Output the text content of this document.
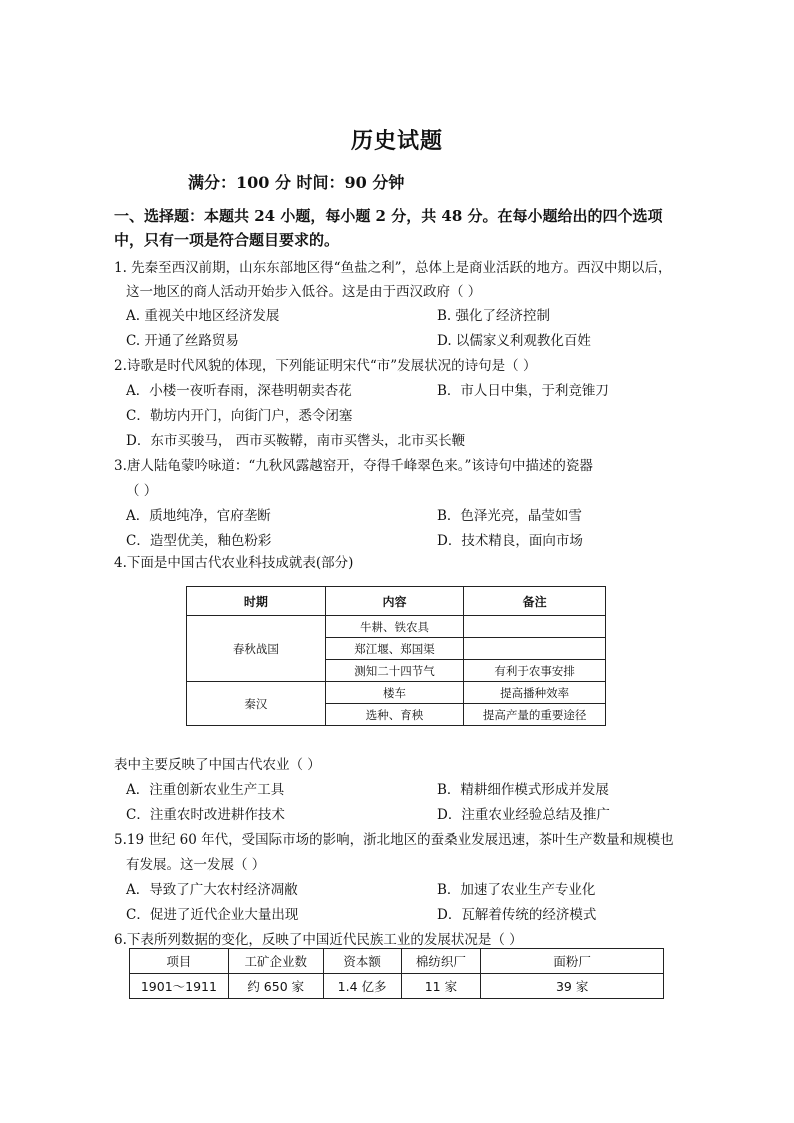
历史试题
满分：100 分 时间：90 分钟
一、选择题：本题共 24 小题，每小题 2 分，共 48 分。在每小题给出的四个选项
中，只有一项是符合题目要求的。
1. 先秦至西汉前期，山东东部地区得“鱼盐之利”，总体上是商业活跃的地方。西汉中期以后，
这一地区的商人活动开始步入低谷。这是由于西汉政府（ ）
A. 重视关中地区经济发展	B. 强化了经济控制
C. 开通了丝路贸易	D. 以儒家义利观教化百姓
2.诗歌是时代风貌的体现，下列能证明宋代“市”发展状况的诗句是（ ）
A．小楼一夜听春雨，深巷明朝卖杏花	B．市人日中集，于利竞锥刀
C．勒坊内开门，向街门户，悉令闭塞
D．东市买骏马， 西市买鞍鞯，南市买辔头，北市买长鞭
3.唐人陆龟蒙吟咏道：“九秋风露越窑开，夺得千峰翠色来。”该诗句中描述的瓷器
（ ）
A．质地纯净，官府垄断	B．色泽光亮，晶莹如雪
C．造型优美，釉色粉彩	D．技术精良，面向市场
4.下面是中国古代农业科技成就表(部分)
时期	内容	备注
春秋战国	牛耕、铁农具	
	郑江堰、郑国渠	
	测知二十四节气	有利于农事安排
秦汉	楼车	提高播种效率
	选种、育秧	提高产量的重要途径
表中主要反映了中国古代农业（ ）
A．注重创新农业生产工具	B．精耕细作模式形成并发展
C．注重农时改进耕作技术	D．注重农业经验总结及推广
5.19 世纪 60 年代，受国际市场的影响，浙北地区的蚕桑业发展迅速，茶叶生产数量和规模也
有发展。这一发展（ ）
A．导致了广大农村经济凋敝	B．加速了农业生产专业化
C．促进了近代企业大量出现	D．瓦解着传统的经济模式
6.下表所列数据的变化，反映了中国近代民族工业的发展状况是（ ）
项目	工矿企业数	资本额	棉纺织厂	面粉厂
1901～1911	约 650 家	1.4 亿多	11 家	39 家
